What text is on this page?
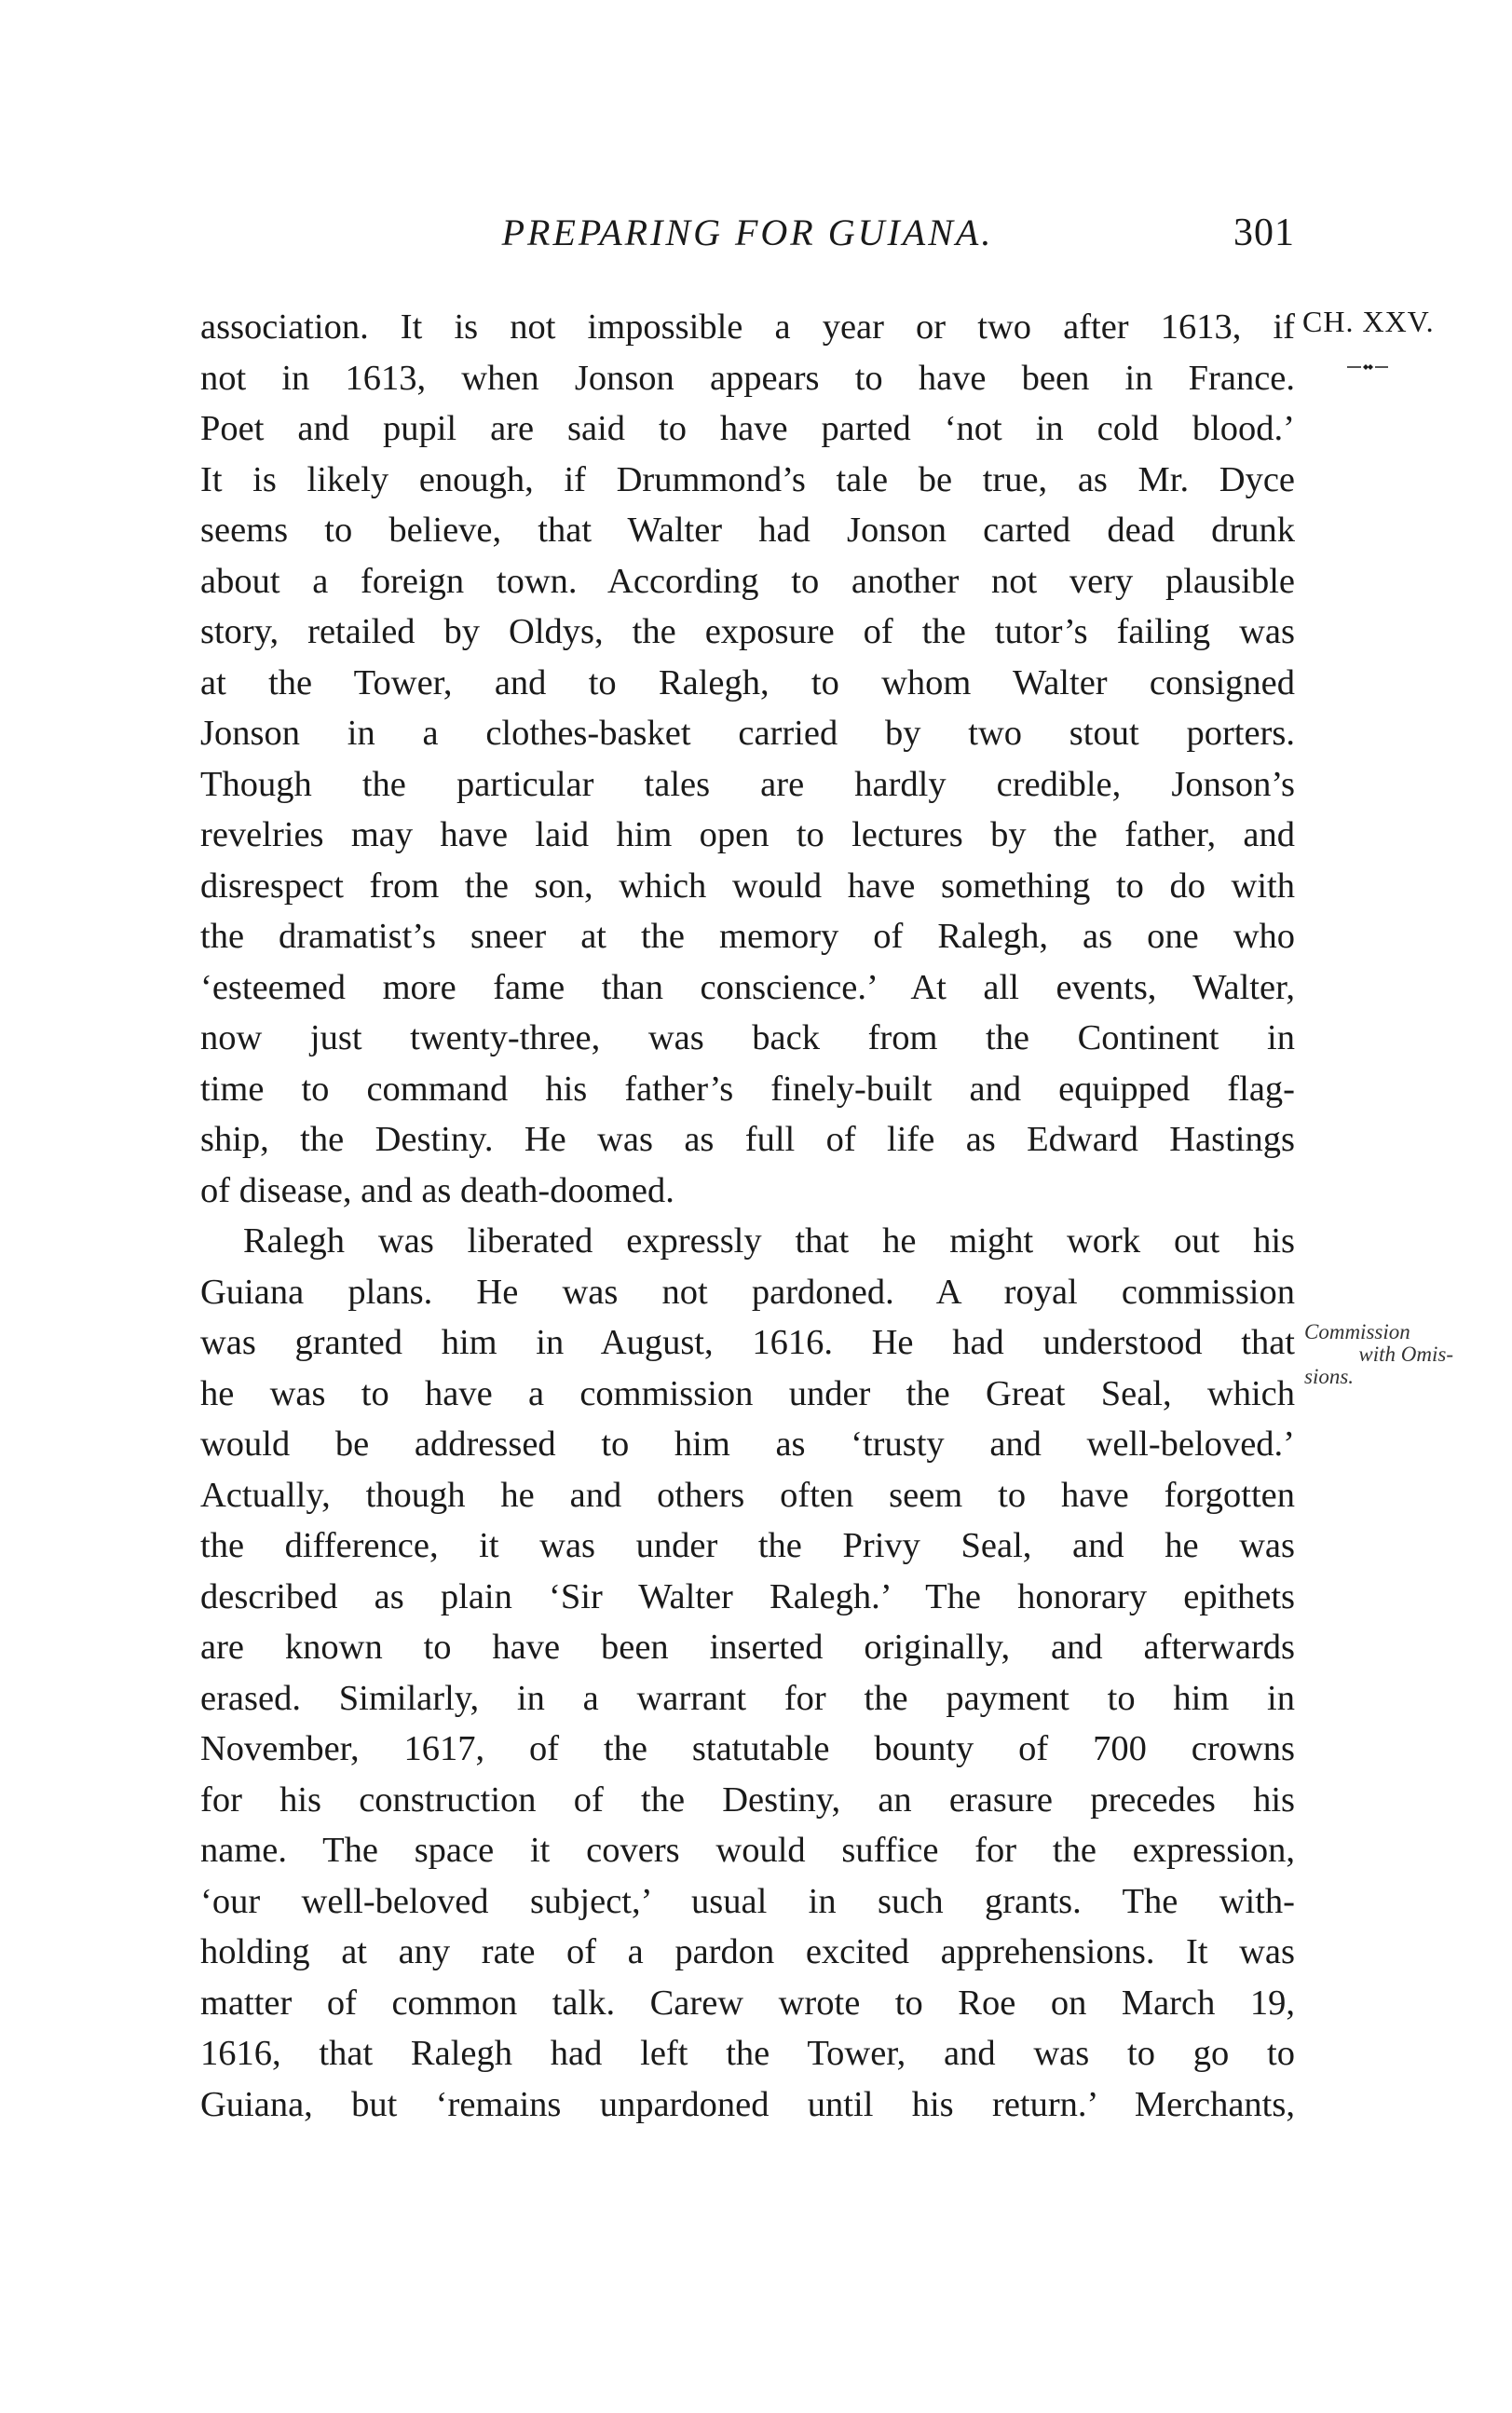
PREPARING FOR GUIANA.	301
CH. XXV.
Commission
with Omis-
sions.
association. It is not impossible a year or two after 1613, if
not in 1613, when Jonson appears to have been in France.
Poet and pupil are said to have parted ‘not in cold blood.’
It is likely enough, if Drummond’s tale be true, as Mr. Dyce
seems to believe, that Walter had Jonson carted dead drunk
about a foreign town. According to another not very plausible
story, retailed by Oldys, the exposure of the tutor’s failing was
at the Tower, and to Ralegh, to whom Walter consigned
Jonson in a clothes-basket carried by two stout porters.
Though the particular tales are hardly credible, Jonson’s
revelries may have laid him open to lectures by the father, and
disrespect from the son, which would have something to do with
the dramatist’s sneer at the memory of Ralegh, as one who
‘esteemed more fame than conscience.’ At all events, Walter,
now just twenty-three, was back from the Continent in
time to command his father’s finely-built and equipped flag-
ship, the Destiny. He was as full of life as Edward Hastings
of disease, and as death-doomed.
Ralegh was liberated expressly that he might work out his
Guiana plans. He was not pardoned. A royal commission
was granted him in August, 1616. He had understood that
he was to have a commission under the Great Seal, which
would be addressed to him as ‘trusty and well-beloved.’
Actually, though he and others often seem to have forgotten
the difference, it was under the Privy Seal, and he was
described as plain ‘Sir Walter Ralegh.’ The honorary epithets
are known to have been inserted originally, and afterwards
erased. Similarly, in a warrant for the payment to him in
November, 1617, of the statutable bounty of 700 crowns
for his construction of the Destiny, an erasure precedes his
name. The space it covers would suffice for the expression,
‘our well-beloved subject,’ usual in such grants. The with-
holding at any rate of a pardon excited apprehensions. It was
matter of common talk. Carew wrote to Roe on March 19,
1616, that Ralegh had left the Tower, and was to go to
Guiana, but ‘remains unpardoned until his return.’ Merchants,
